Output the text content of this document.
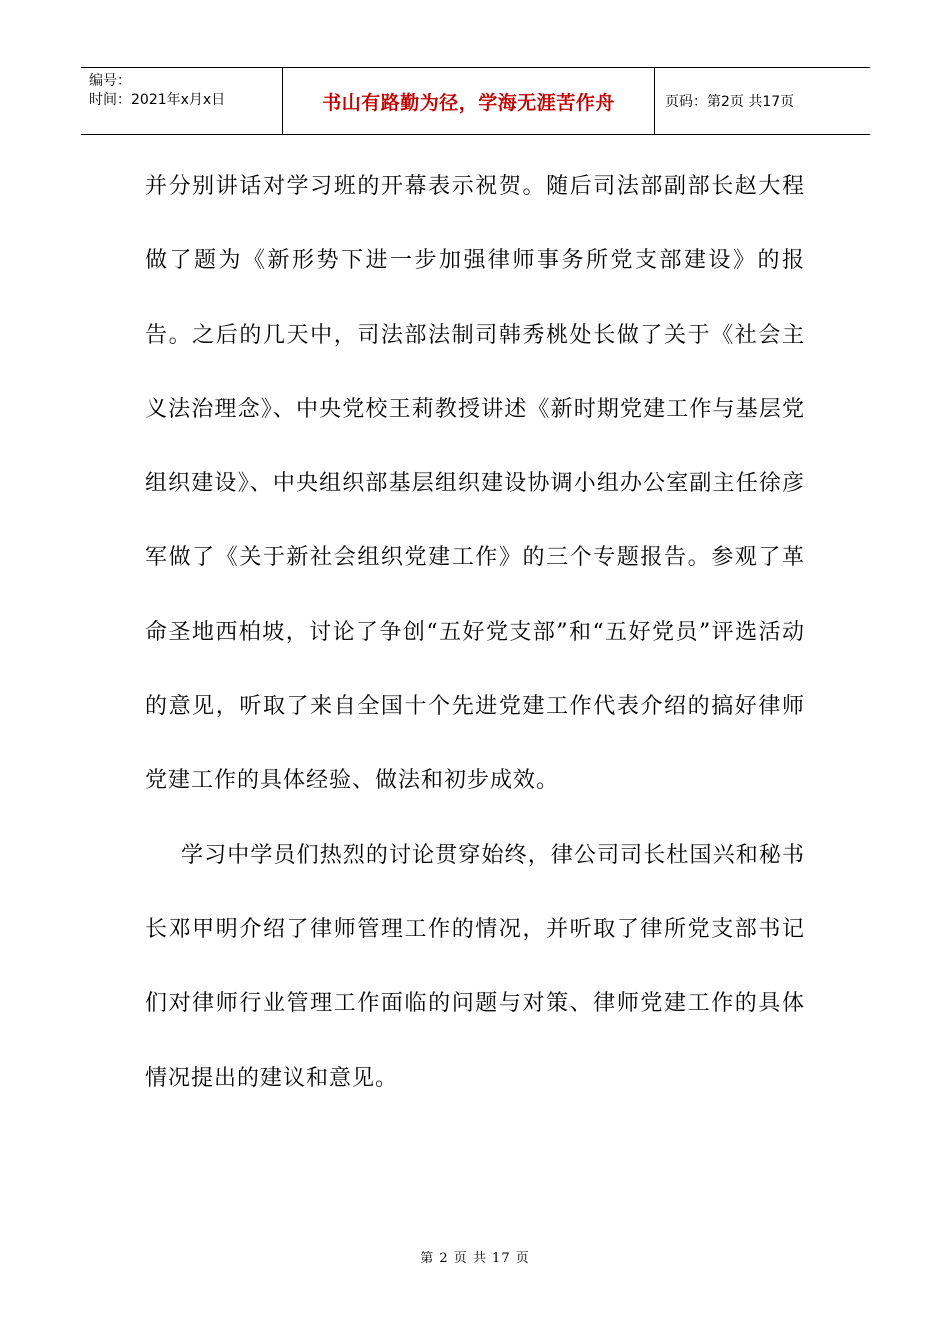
编号：
时间：2021年x月x日	书山有路勤为径，学海无涯苦作舟	页码：第2页 共17页

并分别讲话对学习班的开幕表示祝贺。随后司法部副部长赵大程做了题为《新形势下进一步加强律师事务所党支部建设》的报告。之后的几天中，司法部法制司韩秀桃处长做了关于《社会主义法治理念》、中央党校王莉教授讲述《新时期党建工作与基层党组织建设》、中央组织部基层组织建设协调小组办公室副主任徐彦军做了《关于新社会组织党建工作》的三个专题报告。参观了革命圣地西柏坡，讨论了争创“五好党支部”和“五好党员”评选活动的意见，听取了来自全国十个先进党建工作代表介绍的搞好律师党建工作的具体经验、做法和初步成效。

学习中学员们热烈的讨论贯穿始终，律公司司长杜国兴和秘书长邓甲明介绍了律师管理工作的情况，并听取了律所党支部书记们对律师行业管理工作面临的问题与对策、律师党建工作的具体情况提出的建议和意见。

第 2 页 共 17 页
